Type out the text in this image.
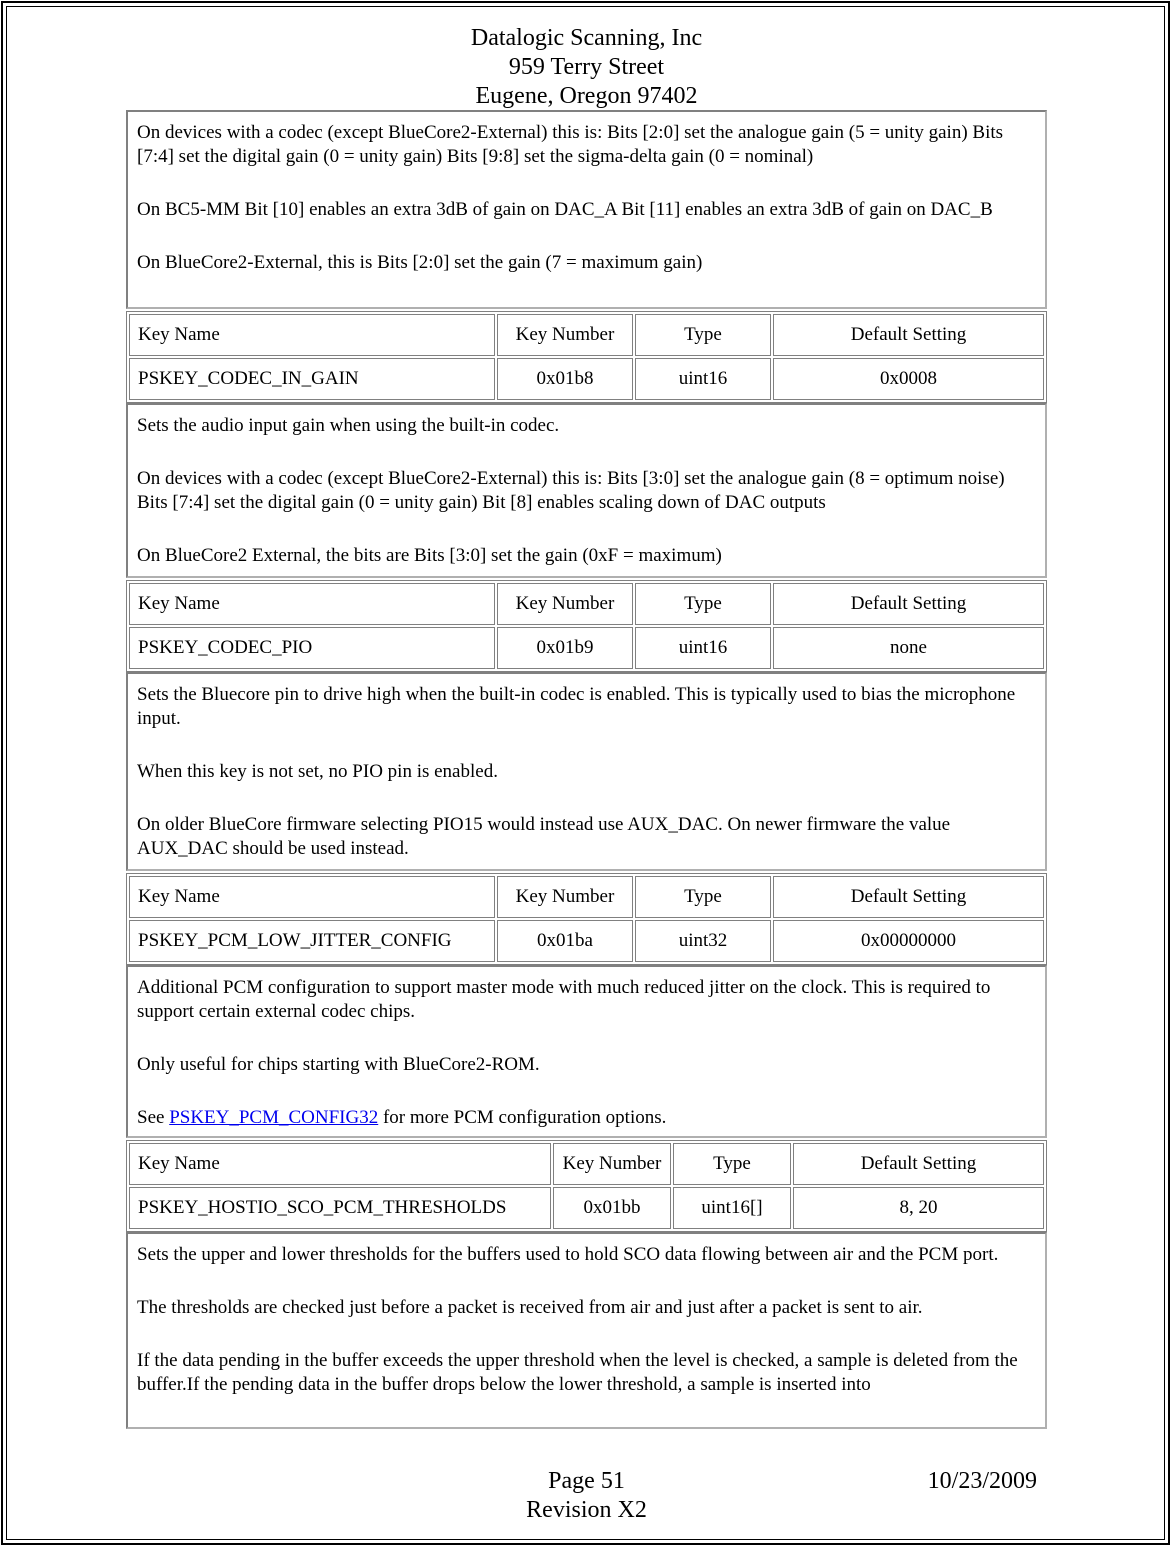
Datalogic Scanning, Inc
959 Terry Street
Eugene, Oregon 97402

On devices with a codec (except BlueCore2-External) this is: Bits [2:0] set the analogue gain (5 = unity gain) Bits [7:4] set the digital gain (0 = unity gain) Bits [9:8] set the sigma-delta gain (0 = nominal)

On BC5-MM Bit [10] enables an extra 3dB of gain on DAC_A Bit [11] enables an extra 3dB of gain on DAC_B

On BlueCore2-External, this is Bits [2:0] set the gain (7 = maximum gain)

Key Name	Key Number	Type	Default Setting
PSKEY_CODEC_IN_GAIN	0x01b8	uint16	0x0008

Sets the audio input gain when using the built-in codec.

On devices with a codec (except BlueCore2-External) this is: Bits [3:0] set the analogue gain (8 = optimum noise) Bits [7:4] set the digital gain (0 = unity gain) Bit [8] enables scaling down of DAC outputs

On BlueCore2 External, the bits are Bits [3:0] set the gain (0xF = maximum)

Key Name	Key Number	Type	Default Setting
PSKEY_CODEC_PIO	0x01b9	uint16	none

Sets the Bluecore pin to drive high when the built-in codec is enabled. This is typically used to bias the microphone input.

When this key is not set, no PIO pin is enabled.

On older BlueCore firmware selecting PIO15 would instead use AUX_DAC. On newer firmware the value AUX_DAC should be used instead.

Key Name	Key Number	Type	Default Setting
PSKEY_PCM_LOW_JITTER_CONFIG	0x01ba	uint32	0x00000000

Additional PCM configuration to support master mode with much reduced jitter on the clock. This is required to support certain external codec chips.

Only useful for chips starting with BlueCore2-ROM.

See PSKEY_PCM_CONFIG32 for more PCM configuration options.

Key Name	Key Number	Type	Default Setting
PSKEY_HOSTIO_SCO_PCM_THRESHOLDS	0x01bb	uint16[]	8, 20

Sets the upper and lower thresholds for the buffers used to hold SCO data flowing between air and the PCM port.

The thresholds are checked just before a packet is received from air and just after a packet is sent to air.

If the data pending in the buffer exceeds the upper threshold when the level is checked, a sample is deleted from the buffer.If the pending data in the buffer drops below the lower threshold, a sample is inserted into

Page 51	10/23/2009
Revision X2
